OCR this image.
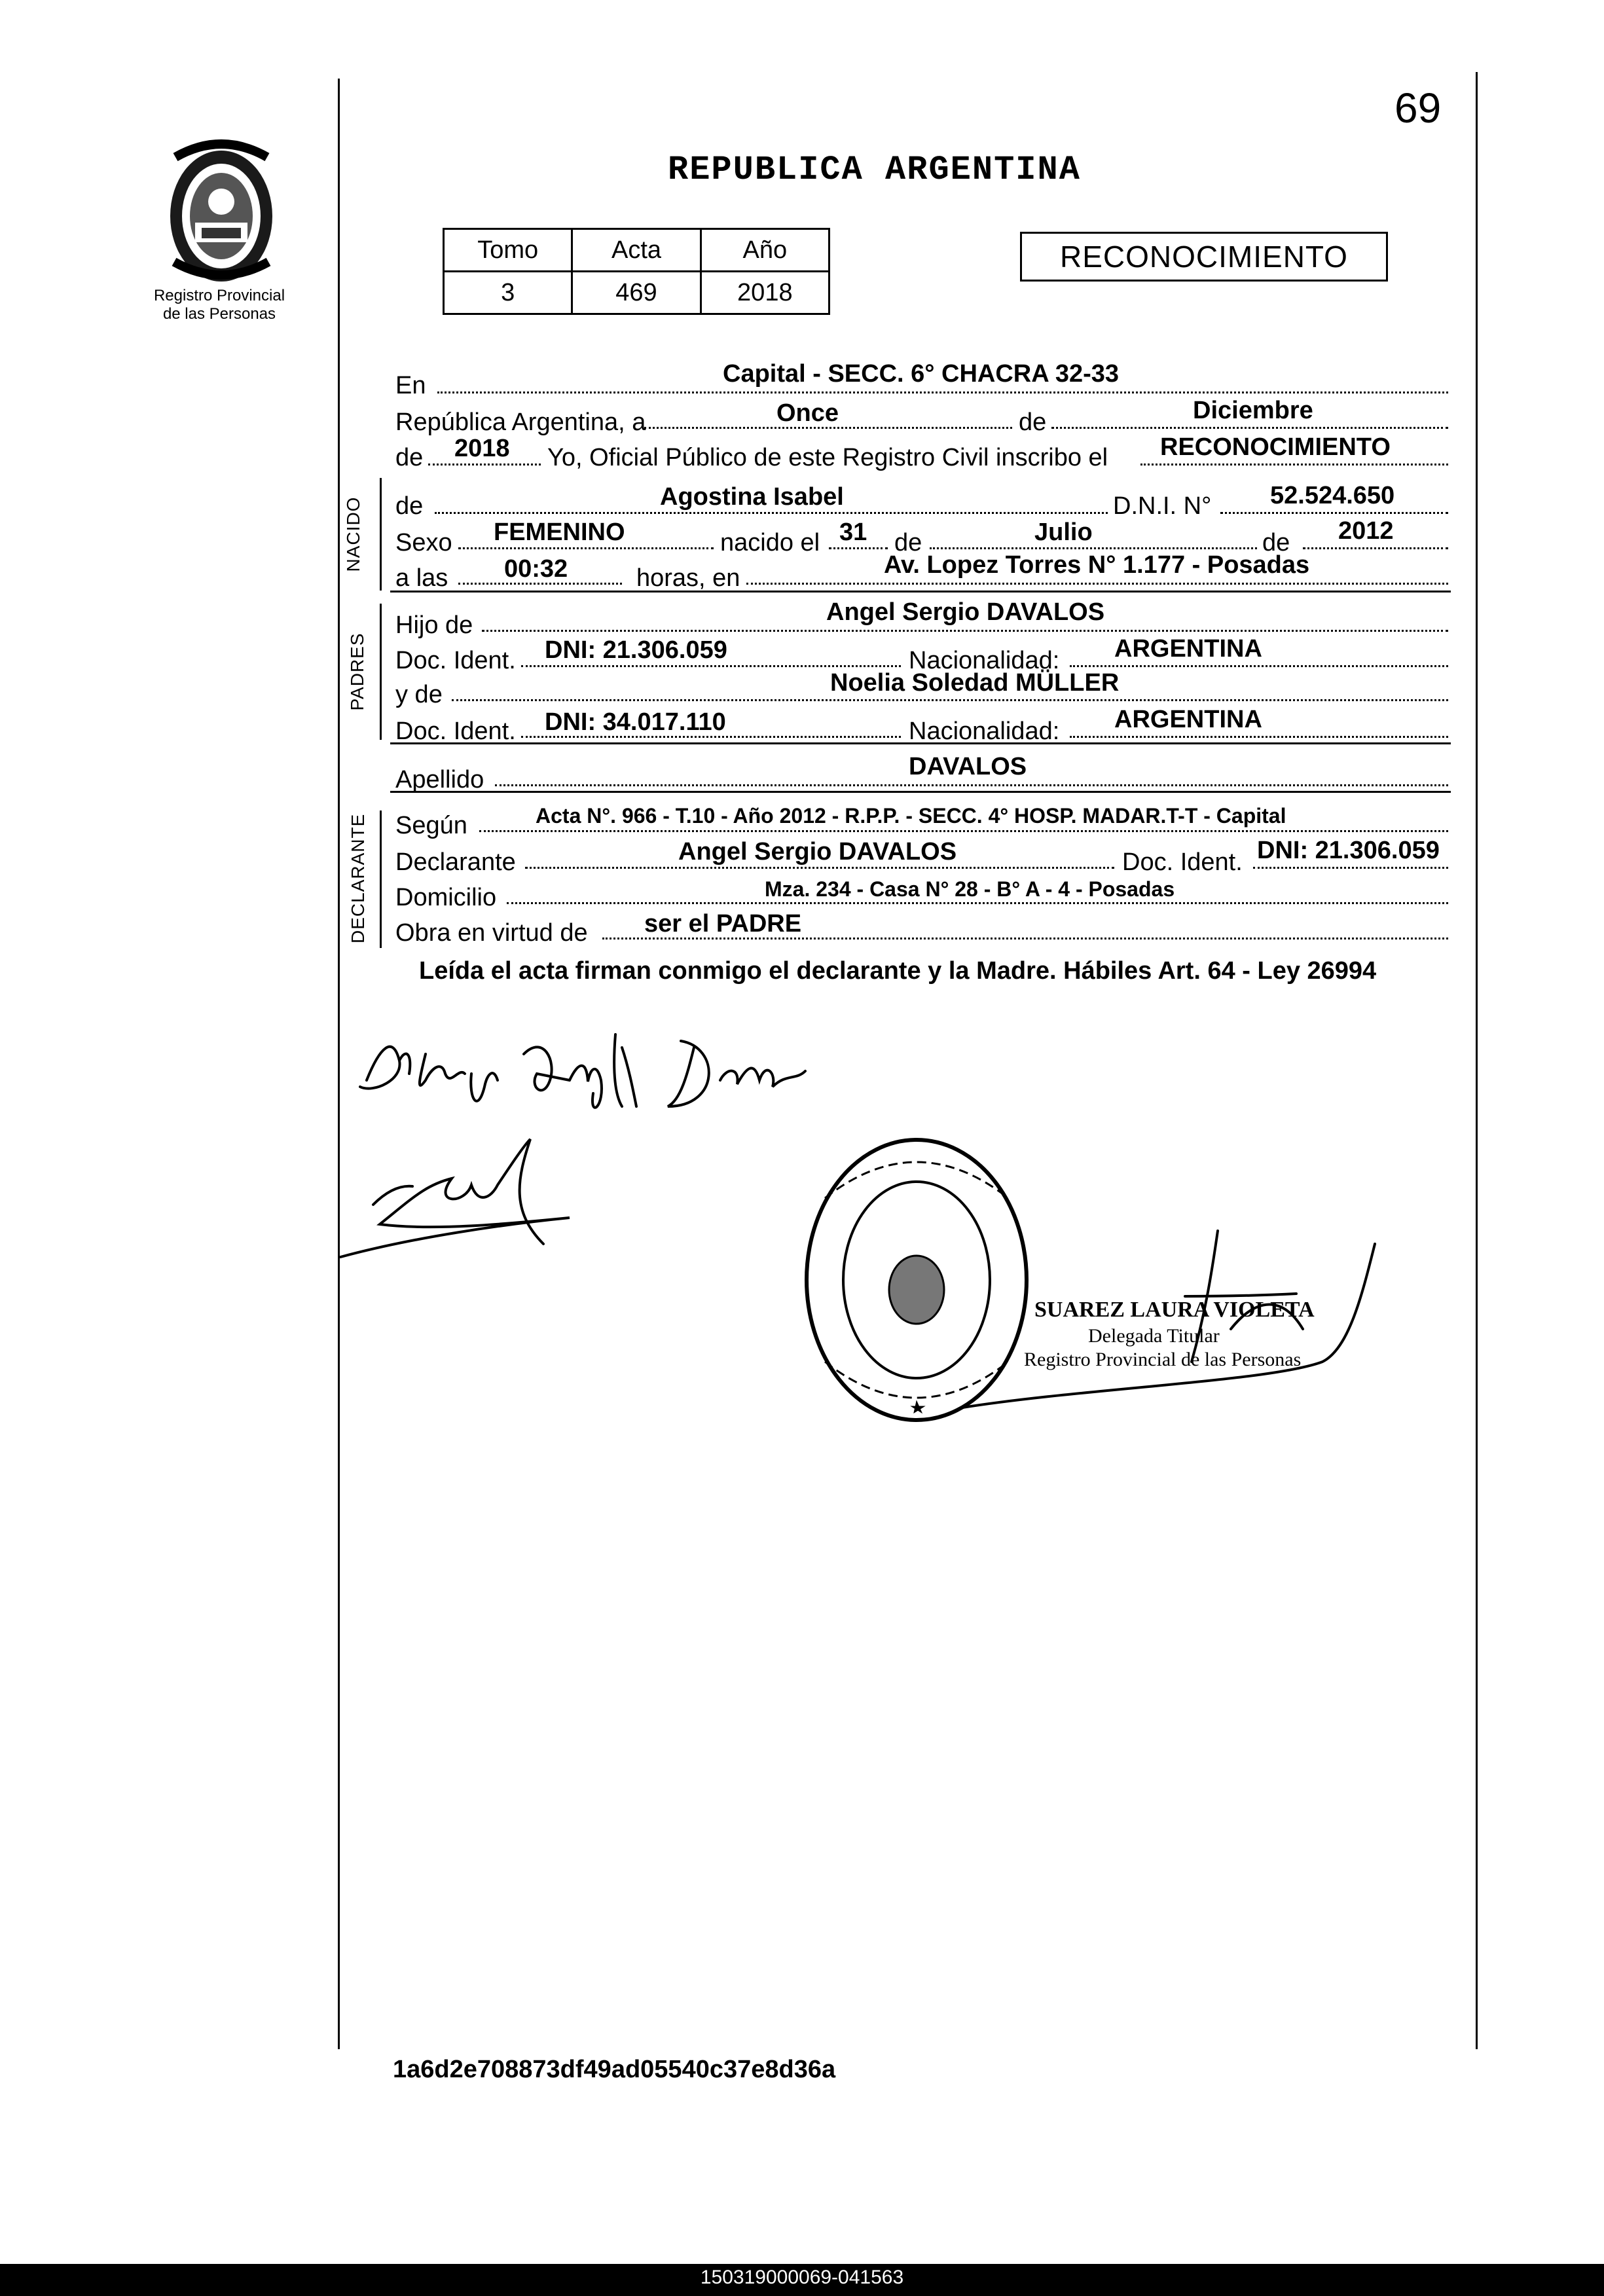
69
REPUBLICA ARGENTINA
Registro Provincial
de las Personas
Tomo	Acta	Año
3	469	2018
RECONOCIMIENTO
En	Capital - SECC. 6° CHACRA 32-33
República Argentina, a	Once	de	Diciembre
de 2018 Yo, Oficial Público de este Registro Civil inscribo el RECONOCIMIENTO
NACIDO de	Agostina Isabel	D.N.I. N° 52.524.650
Sexo FEMENINO	nacido el 31 de	Julio	de 2012
a las 00:32	horas, en	Av. Lopez Torres N° 1.177 - Posadas
PADRES
Hijo de	Angel Sergio DAVALOS
Doc. Ident. DNI: 21.306.059	Nacionalidad: ARGENTINA
y de	Noelia Soledad MÜLLER
Doc. Ident. DNI: 34.017.110	Nacionalidad: ARGENTINA
Apellido	DAVALOS
DECLARANTE Según	Acta N°. 966 - T.10 - Año 2012 - R.P.P. - SECC. 4° HOSP. MADAR.T-T - Capital
Declarante	Angel Sergio DAVALOS	Doc. Ident. DNI: 21.306.059
Domicilio	Mza. 234 - Casa N° 28 - B° A - 4 - Posadas
Obra en virtud de ser el PADRE
Leída el acta firman conmigo el declarante y la Madre. Hábiles Art. 64 - Ley 26994
SUAREZ LAURA VIOLETA
Delegada Titular
Registro Provincial de las Personas
1a6d2e708873df49ad05540c37e8d36a
150319000069-041563
